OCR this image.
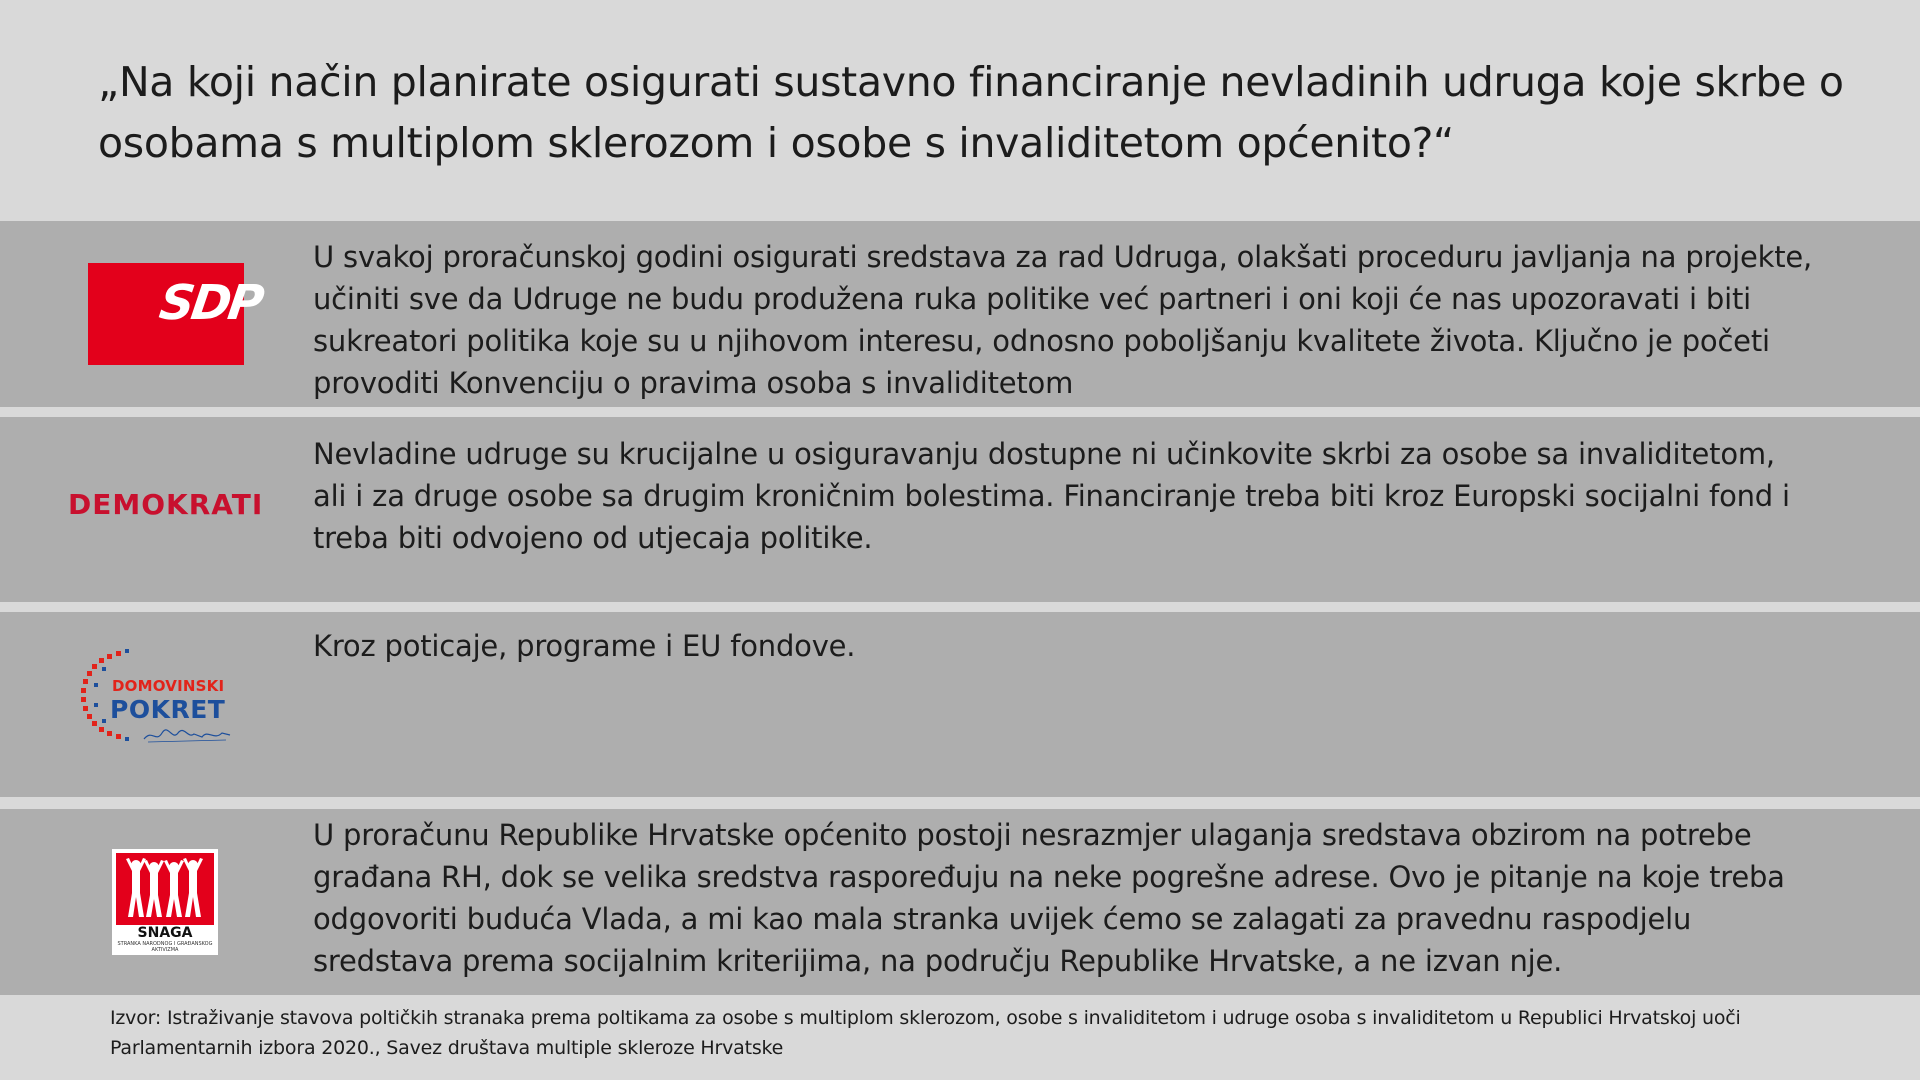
„Na koji način planirate osigurati sustavno financiranje nevladinih udruga koje skrbe o osobama s multiplom sklerozom i osobe s invaliditetom općenito?“
SDP
U svakoj proračunskoj godini osigurati sredstava za rad Udruga, olakšati proceduru javljanja na projekte, učiniti sve da Udruge ne budu produžena ruka politike već partneri i oni koji će nas upozoravati i biti sukreatori politika koje su u njihovom interesu, odnosno poboljšanju kvalitete života. Ključno je početi provoditi Konvenciju o pravima osoba s invaliditetom
DEMOKRATI
Nevladine udruge su krucijalne u osiguravanju dostupne ni učinkovite skrbi za osobe sa invaliditetom, ali i za druge osobe sa drugim kroničnim bolestima. Financiranje treba biti kroz Europski socijalni fond i treba biti odvojeno od utjecaja politike.
DOMOVINSKI
POKRET
Kroz poticaje, programe i EU fondove.
SNAGA
STRANKA NARODNOG I GRAĐANSKOG AKTIVIZMA
U proračunu Republike Hrvatske općenito postoji nesrazmjer ulaganja sredstava obzirom na potrebe građana RH, dok se velika sredstva raspoređuju na neke pogrešne adrese. Ovo je pitanje na koje treba odgovoriti buduća Vlada, a mi kao mala stranka uvijek ćemo se zalagati za pravednu raspodjelu sredstava prema socijalnim kriterijima, na području Republike Hrvatske, a ne izvan nje.
Izvor: Istraživanje stavova poltičkih stranaka prema poltikama za osobe s multiplom sklerozom, osobe s invaliditetom i udruge osoba s invaliditetom u Republici Hrvatskoj uoči Parlamentarnih izbora 2020., Savez društava multiple skleroze Hrvatske
